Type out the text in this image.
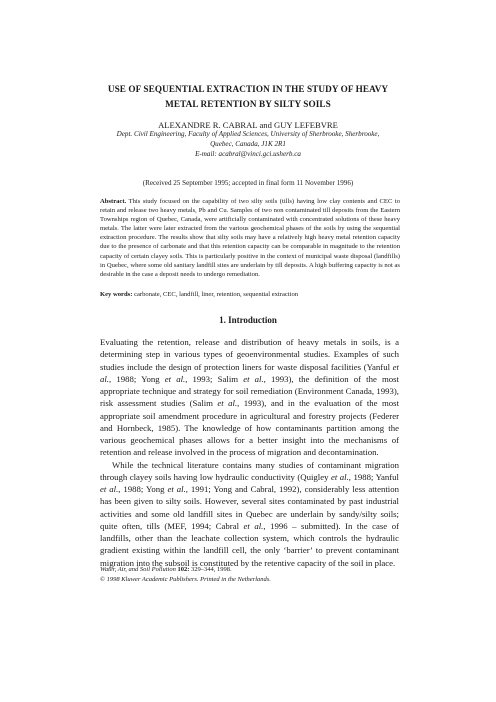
USE OF SEQUENTIAL EXTRACTION IN THE STUDY OF HEAVY
METAL RETENTION BY SILTY SOILS
ALEXANDRE R. CABRAL and GUY LEFEBVRE
Dept. Civil Engineering, Faculty of Applied Sciences, University of Sherbrooke, Sherbrooke,
Quebec, Canada, J1K 2R1
E-mail: acabral@vinci.gci.usherb.ca
(Received 25 September 1995; accepted in final form 11 November 1996)
Abstract. This study focused on the capability of two silty soils (tills) having low clay contents and CEC to retain and release two heavy metals, Pb and Cu. Samples of two non contaminated till deposits from the Eastern Townships region of Quebec, Canada, were artificially contaminated with concentrated solutions of these heavy metals. The latter were later extracted from the various geochemical phases of the soils by using the sequential extraction procedure. The results show that silty soils may have a relatively high heavy metal retention capacity due to the presence of carbonate and that this retention capacity can be comparable in magnitude to the retention capacity of certain clayey soils. This is particularly positive in the context of municipal waste disposal (landfills) in Quebec, where some old sanitary landfill sites are underlain by till deposits. A high buffering capacity is not as desirable in the case a deposit needs to undergo remediation.
Key words: carbonate, CEC, landfill, liner, retention, sequential extraction
1. Introduction

Evaluating the retention, release and distribution of heavy metals in soils, is a determining step in various types of geoenvironmental studies. Examples of such studies include the design of protection liners for waste disposal facilities (Yanful et al., 1988; Yong et al., 1993; Salim et al., 1993), the definition of the most appropriate technique and strategy for soil remediation (Environment Canada, 1993), risk assessment studies (Salim et al., 1993), and in the evaluation of the most appropriate soil amendment procedure in agricultural and forestry projects (Federer and Hornbeck, 1985). The knowledge of how contaminants partition among the various geochemical phases allows for a better insight into the mechanisms of retention and release involved in the process of migration and decontamination.

While the technical literature contains many studies of contaminant migration through clayey soils having low hydraulic conductivity (Quigley et al., 1988; Yanful et al., 1988; Yong et al., 1991; Yong and Cabral, 1992), considerably less attention has been given to silty soils. However, several sites contaminated by past industrial activities and some old landfill sites in Quebec are underlain by sandy/silty soils; quite often, tills (MEF, 1994; Cabral et al., 1996 – submitted). In the case of landfills, other than the leachate collection system, which controls the hydraulic gradient existing within the landfill cell, the only ‘barrier’ to prevent contaminant migration into the subsoil is constituted by the retentive capacity of the soil in place.

Water, Air, and Soil Pollution 102: 329–344, 1998.
© 1998 Kluwer Academic Publishers. Printed in the Netherlands.
